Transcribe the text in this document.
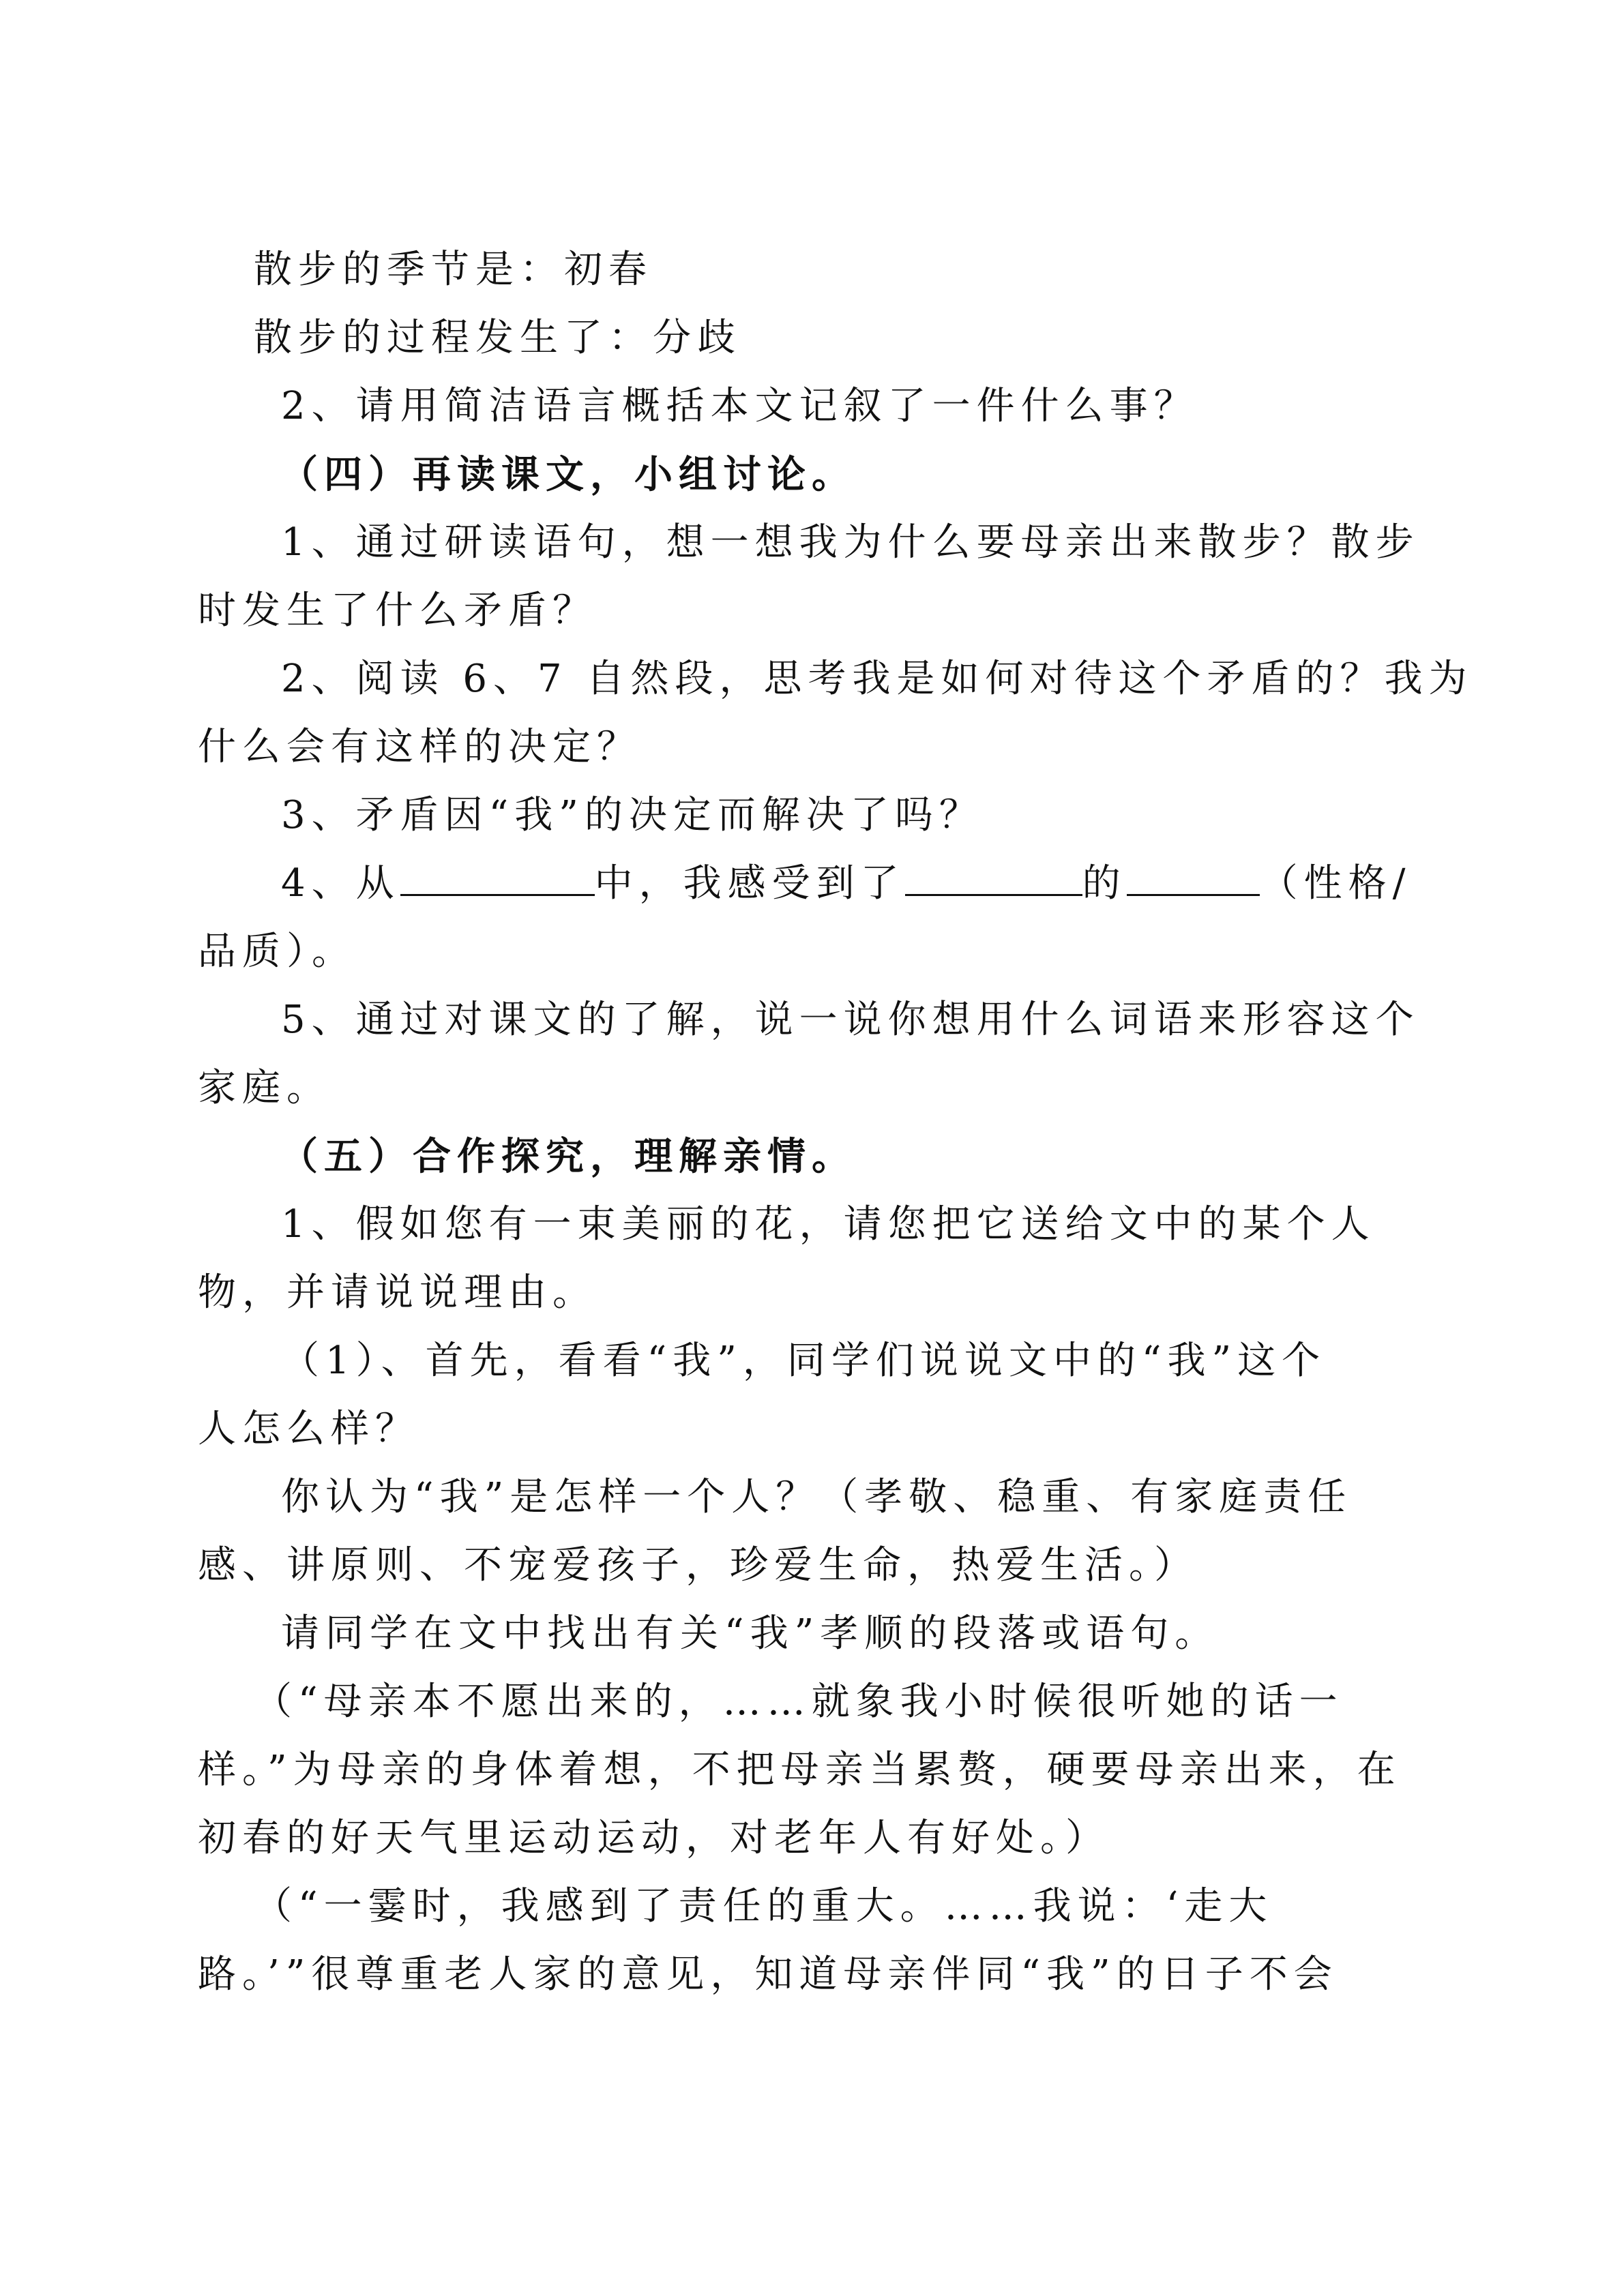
散步的季节是：初春
散步的过程发生了：分歧
2、请用简洁语言概括本文记叙了一件什么事？
（四）再读课文，小组讨论。
1、通过研读语句，想一想我为什么要母亲出来散步？散步
时发生了什么矛盾？
2、阅读 6、7 自然段，思考我是如何对待这个矛盾的？我为
什么会有这样的决定？
3、矛盾因“我”的决定而解决了吗？
4、从	中，我感受到了	的	（性格/
品质）。
5、通过对课文的了解，说一说你想用什么词语来形容这个
家庭。
（五）合作探究，理解亲情。
1、假如您有一束美丽的花，请您把它送给文中的某个人
物，并请说说理由。
（1）、首先，看看“我”，同学们说说文中的“我”这个
人怎么样？
你认为“我”是怎样一个人？（孝敬、稳重、有家庭责任
感、讲原则、不宠爱孩子，珍爱生命，热爱生活。）
请同学在文中找出有关“我”孝顺的段落或语句。
（“母亲本不愿出来的，……就象我小时候很听她的话一
样。”为母亲的身体着想，不把母亲当累赘，硬要母亲出来，在
初春的好天气里运动运动，对老年人有好处。）
（“一霎时，我感到了责任的重大。……我说：‘走大
路。’”很尊重老人家的意见，知道母亲伴同“我”的日子不会
